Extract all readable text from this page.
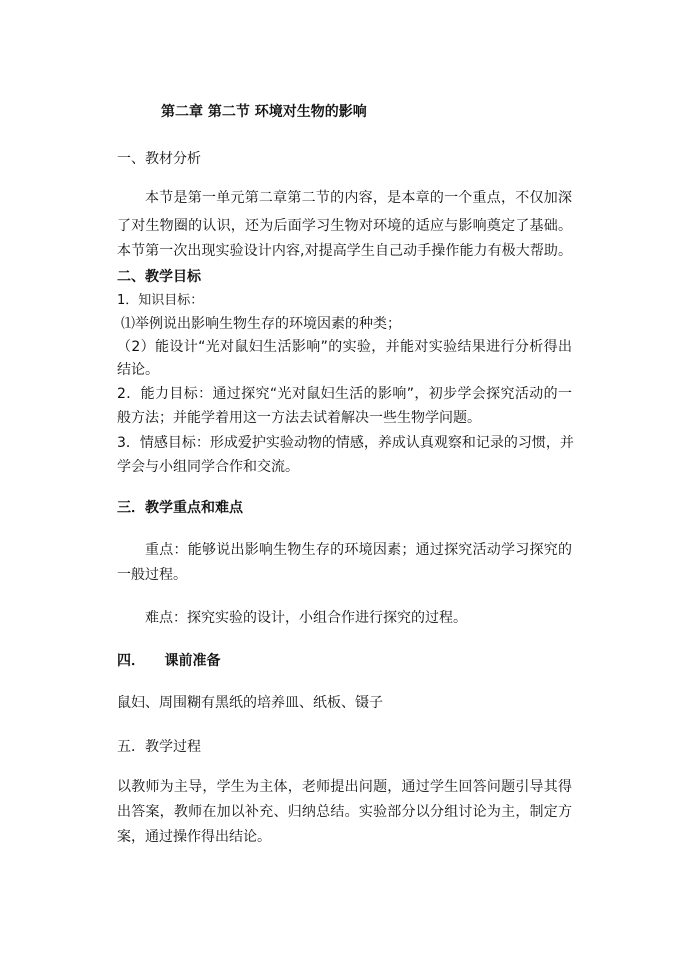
第二章 第二节 环境对生物的影响
一、教材分析
本节是第一单元第二章第二节的内容，是本章的一个重点，不仅加深
了对生物圈的认识，还为后面学习生物对环境的适应与影响奠定了基础。
本节第一次出现实验设计内容,对提高学生自己动手操作能力有极大帮助。
二、教学目标
1．知识目标：
⑴举例说出影响生物生存的环境因素的种类；
（2）能设计“光对鼠妇生活影响”的实验，并能对实验结果进行分析得出
结论。
2．能力目标：通过探究“光对鼠妇生活的影响”，初步学会探究活动的一
般方法；并能学着用这一方法去试着解决一些生物学问题。
3．情感目标：形成爱护实验动物的情感，养成认真观察和记录的习惯，并
学会与小组同学合作和交流。
三．教学重点和难点
重点：能够说出影响生物生存的环境因素；通过探究活动学习探究的
一般过程。
难点：探究实验的设计，小组合作进行探究的过程。
四．    课前准备
鼠妇、周围糊有黑纸的培养皿、纸板、镊子
五．教学过程
以教师为主导，学生为主体，老师提出问题，通过学生回答问题引导其得
出答案，教师在加以补充、归纳总结。实验部分以分组讨论为主，制定方
案，通过操作得出结论。
